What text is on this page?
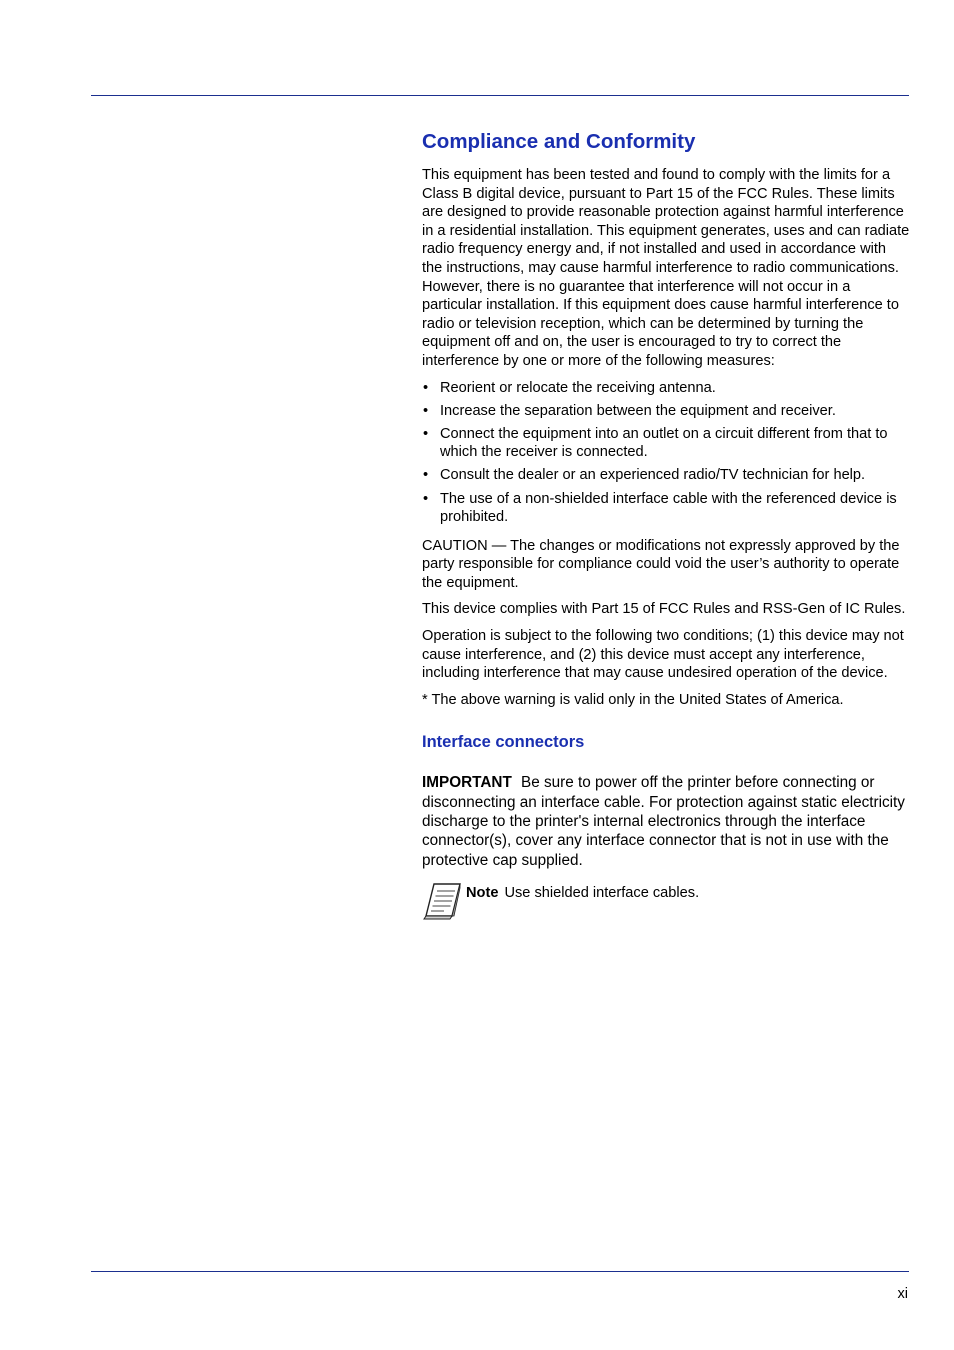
Compliance and Conformity

This equipment has been tested and found to comply with the limits for a Class B digital device, pursuant to Part 15 of the FCC Rules. These limits are designed to provide reasonable protection against harmful interference in a residential installation. This equipment generates, uses and can radiate radio frequency energy and, if not installed and used in accordance with the instructions, may cause harmful interference to radio communications. However, there is no guarantee that interference will not occur in a particular installation. If this equipment does cause harmful interference to radio or television reception, which can be determined by turning the equipment off and on, the user is encouraged to try to correct the interference by one or more of the following measures:

• Reorient or relocate the receiving antenna.
• Increase the separation between the equipment and receiver.
• Connect the equipment into an outlet on a circuit different from that to which the receiver is connected.
• Consult the dealer or an experienced radio/TV technician for help.
• The use of a non-shielded interface cable with the referenced device is prohibited.

CAUTION — The changes or modifications not expressly approved by the party responsible for compliance could void the user’s authority to operate the equipment.

This device complies with Part 15 of FCC Rules and RSS-Gen of IC Rules.

Operation is subject to the following two conditions; (1) this device may not cause interference, and (2) this device must accept any interference, including interference that may cause undesired operation of the device.

* The above warning is valid only in the United States of America.

Interface connectors

IMPORTANT Be sure to power off the printer before connecting or disconnecting an interface cable. For protection against static electricity discharge to the printer's internal electronics through the interface connector(s), cover any interface connector that is not in use with the protective cap supplied.

Note Use shielded interface cables.
xi
